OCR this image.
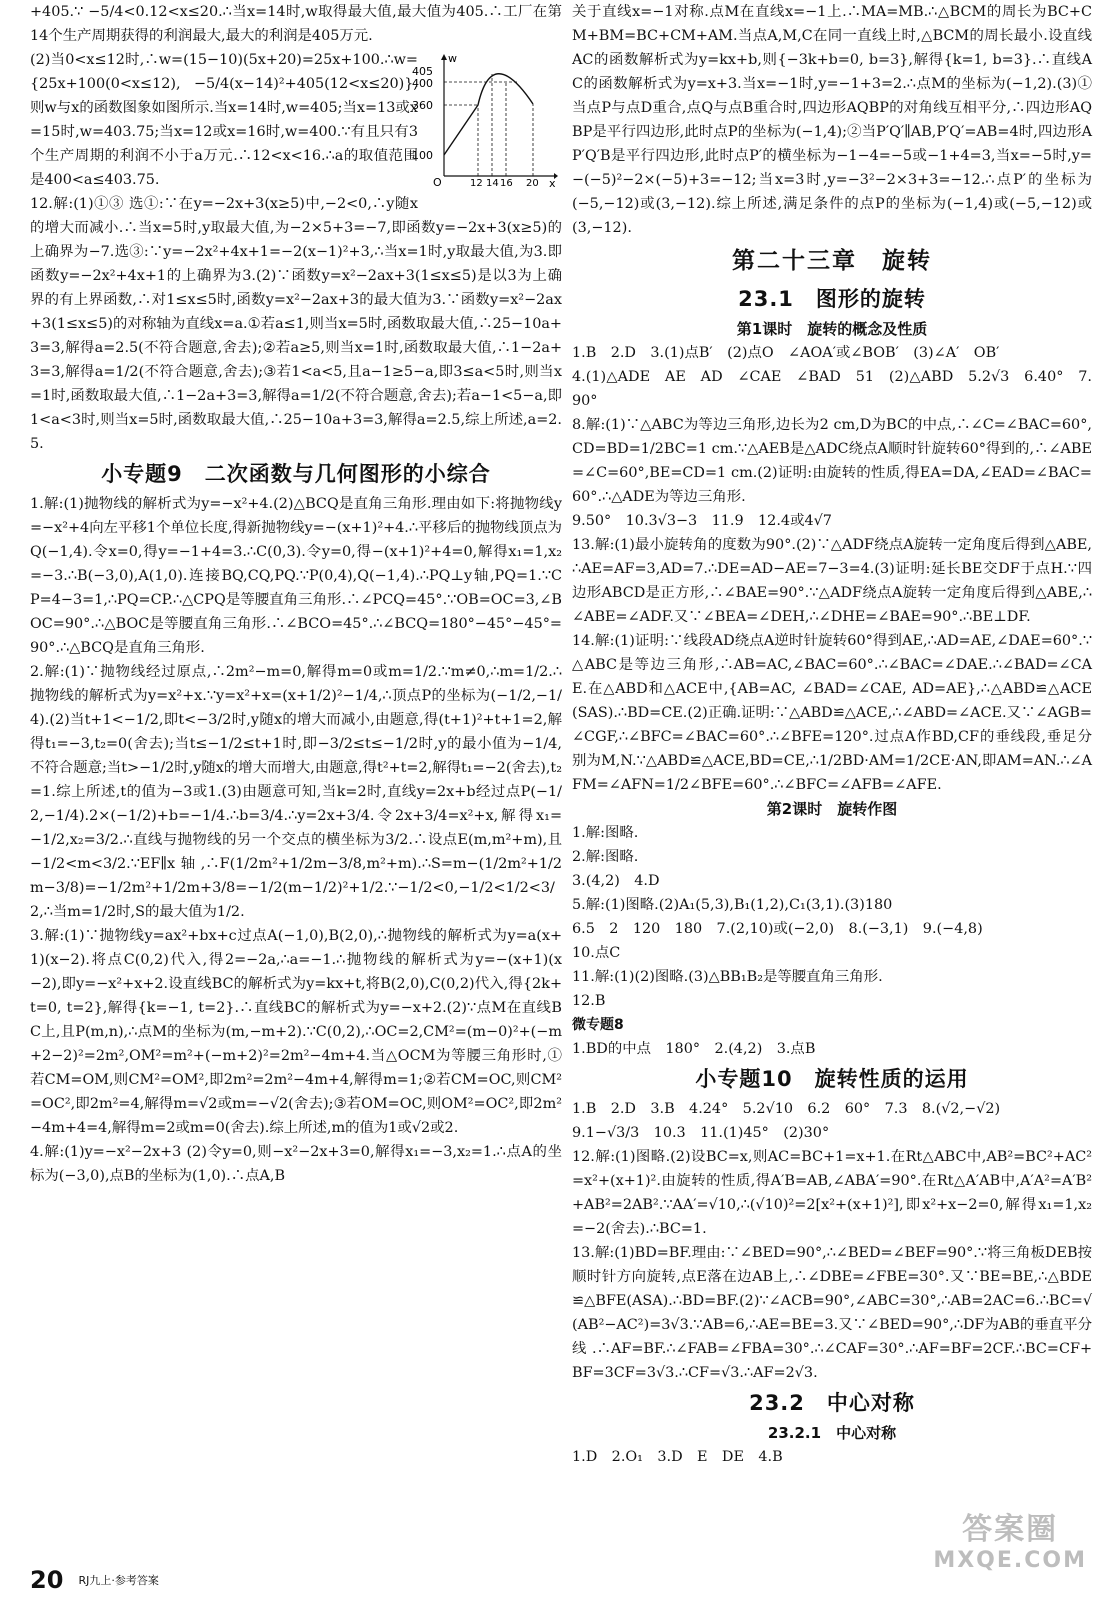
+405.∵ −5/4<0.12<x≤20.∴当x=14时,w取得最大值,最大值为405.∴工厂在第14个生产周期获得的利润最大,最大的利润是405万元.

w
x
O
405
400
360
100
12 14 16 20

(2)当0<x≤12时,∴w=(15−10)(5x+20)=25x+100.∴w={25x+100(0<x≤12), −5/4(x−14)²+405(12<x≤20)},则w与x的函数图象如图所示.当x=14时,w=405;当x=13或x=15时,w=403.75;当x=12或x=16时,w=400.∵有且只有3个生产周期的利润不小于a万元.∴12<x<16.∴a的取值范围是400<a≤403.75.

12.解:(1)①③ 选①:∵在y=−2x+3(x≥5)中,−2<0,∴y随x的增大而减小.∴当x=5时,y取最大值,为−2×5+3=−7,即函数y=−2x+3(x≥5)的上确界为−7.选③:∵y=−2x²+4x+1=−2(x−1)²+3,∴当x=1时,y取最大值,为3.即函数y=−2x²+4x+1的上确界为3.(2)∵函数y=x²−2ax+3(1≤x≤5)是以3为上确界的有上界函数,∴对1≤x≤5时,函数y=x²−2ax+3的最大值为3.∵函数y=x²−2ax+3(1≤x≤5)的对称轴为直线x=a.①若a≤1,则当x=5时,函数取最大值,∴25−10a+3=3,解得a=2.5(不符合题意,舍去);②若a≥5,则当x=1时,函数取最大值,∴1−2a+3=3,解得a=1/2(不符合题意,舍去);③若1<a<5,且a−1≥5−a,即3≤a<5时,则当x=1时,函数取最大值,∴1−2a+3=3,解得a=1/2(不符合题意,舍去);若a−1<5−a,即1<a<3时,则当x=5时,函数取最大值,∴25−10a+3=3,解得a=2.5,综上所述,a=2.5.

小专题9　二次函数与几何图形的小综合

1.解:(1)抛物线的解析式为y=−x²+4.(2)△BCQ是直角三角形.理由如下:将抛物线y=−x²+4向左平移1个单位长度,得新抛物线y=−(x+1)²+4.∴平移后的抛物线顶点为Q(−1,4).令x=0,得y=−1+4=3.∴C(0,3).令y=0,得−(x+1)²+4=0,解得x₁=1,x₂=−3.∴B(−3,0),A(1,0).连接BQ,CQ,PQ.∵P(0,4),Q(−1,4).∴PQ⊥y轴,PQ=1.∵CP=4−3=1,∴PQ=CP.∴△CPQ是等腰直角三角形.∴∠PCQ=45°.∵OB=OC=3,∠BOC=90°.∴△BOC是等腰直角三角形.∴∠BCO=45°.∴∠BCQ=180°−45°−45°=90°.∴△BCQ是直角三角形.

2.解:(1)∵抛物线经过原点,∴2m²−m=0,解得m=0或m=1/2.∵m≠0,∴m=1/2.∴抛物线的解析式为y=x²+x.∵y=x²+x=(x+1/2)²−1/4,∴顶点P的坐标为(−1/2,−1/4).(2)当t+1<−1/2,即t<−3/2时,y随x的增大而减小,由题意,得(t+1)²+t+1=2,解得t₁=−3,t₂=0(舍去);当t≤−1/2≤t+1时,即−3/2≤t≤−1/2时,y的最小值为−1/4,不符合题意;当t>−1/2时,y随x的增大而增大,由题意,得t²+t=2,解得t₁=−2(舍去),t₂=1.综上所述,t的值为−3或1.(3)由题意可知,当k=2时,直线y=2x+b经过点P(−1/2,−1/4).2×(−1/2)+b=−1/4.∴b=3/4.∴y=2x+3/4.令2x+3/4=x²+x,解得x₁=−1/2,x₂=3/2.∴直线与抛物线的另一个交点的横坐标为3/2.∴设点E(m,m²+m),且−1/2<m<3/2.∵EF∥x轴,∴F(1/2m²+1/2m−3/8,m²+m).∴S=m−(1/2m²+1/2m−3/8)=−1/2m²+1/2m+3/8=−1/2(m−1/2)²+1/2.∵−1/2<0,−1/2<1/2<3/2,∴当m=1/2时,S的最大值为1/2.

3.解:(1)∵抛物线y=ax²+bx+c过点A(−1,0),B(2,0),∴抛物线的解析式为y=a(x+1)(x−2).将点C(0,2)代入,得2=−2a,∴a=−1.∴抛物线的解析式为y=−(x+1)(x−2),即y=−x²+x+2.设直线BC的解析式为y=kx+t,将B(2,0),C(0,2)代入,得{2k+t=0, t=2},解得{k=−1, t=2}.∴直线BC的解析式为y=−x+2.(2)∵点M在直线BC上,且P(m,n),∴点M的坐标为(m,−m+2).∵C(0,2),∴OC=2,CM²=(m−0)²+(−m+2−2)²=2m²,OM²=m²+(−m+2)²=2m²−4m+4.当△OCM为等腰三角形时,①若CM=OM,则CM²=OM²,即2m²=2m²−4m+4,解得m=1;②若CM=OC,则CM²=OC²,即2m²=4,解得m=√2或m=−√2(舍去);③若OM=OC,则OM²=OC²,即2m²−4m+4=4,解得m=2或m=0(舍去).综上所述,m的值为1或√2或2.

4.解:(1)y=−x²−2x+3 (2)令y=0,则−x²−2x+3=0,解得x₁=−3,x₂=1.∴点A的坐标为(−3,0),点B的坐标为(1,0).∴点A,B

关于直线x=−1对称.点M在直线x=−1上.∴MA=MB.∴△BCM的周长为BC+CM+BM=BC+CM+AM.当点A,M,C在同一直线上时,△BCM的周长最小.设直线AC的函数解析式为y=kx+b,则{−3k+b=0, b=3},解得{k=1, b=3}.∴直线AC的函数解析式为y=x+3.当x=−1时,y=−1+3=2.∴点M的坐标为(−1,2).(3)①当点P与点D重合,点Q与点B重合时,四边形AQBP的对角线互相平分,∴四边形AQBP是平行四边形,此时点P的坐标为(−1,4);②当P′Q′∥AB,P′Q′=AB=4时,四边形AP′Q′B是平行四边形,此时点P′的横坐标为−1−4=−5或−1+4=3,当x=−5时,y=−(−5)²−2×(−5)+3=−12;当x=3时,y=−3²−2×3+3=−12.∴点P′的坐标为(−5,−12)或(3,−12).综上所述,满足条件的点P的坐标为(−1,4)或(−5,−12)或(3,−12).

第二十三章　旋转
23.1　图形的旋转
第1课时　旋转的概念及性质

1.B　2.D　3.(1)点B′　(2)点O　∠AOA′或∠BOB′　(3)∠A′　OB′

4.(1)△ADE　AE　AD　∠CAE　∠BAD　51　(2)△ABD　5.2√3　6.40°　7.90°

8.解:(1)∵△ABC为等边三角形,边长为2 cm,D为BC的中点,∴∠C=∠BAC=60°,CD=BD=1/2BC=1 cm.∵△AEB是△ADC绕点A顺时针旋转60°得到的,∴∠ABE=∠C=60°,BE=CD=1 cm.(2)证明:由旋转的性质,得EA=DA,∠EAD=∠BAC=60°.∴△ADE为等边三角形.

9.50°　10.3√3−3　11.9　12.4或4√7

13.解:(1)最小旋转角的度数为90°.(2)∵△ADF绕点A旋转一定角度后得到△ABE,∴AE=AF=3,AD=7.∴DE=AD−AE=7−3=4.(3)证明:延长BE交DF于点H.∵四边形ABCD是正方形,∴∠BAE=90°.∵△ADF绕点A旋转一定角度后得到△ABE,∴∠ABE=∠ADF.又∵∠BEA=∠DEH,∴∠DHE=∠BAE=90°.∴BE⊥DF.

14.解:(1)证明:∵线段AD绕点A逆时针旋转60°得到AE,∴AD=AE,∠DAE=60°.∵△ABC是等边三角形,∴AB=AC,∠BAC=60°.∴∠BAC=∠DAE.∴∠BAD=∠CAE.在△ABD和△ACE中,{AB=AC, ∠BAD=∠CAE, AD=AE},∴△ABD≌△ACE(SAS).∴BD=CE.(2)正确.证明:∵△ABD≌△ACE,∴∠ABD=∠ACE.又∵∠AGB=∠CGF,∴∠BFC=∠BAC=60°.∴∠BFE=120°.过点A作BD,CF的垂线段,垂足分别为M,N.∵△ABD≌△ACE,BD=CE,∴1/2BD·AM=1/2CE·AN,即AM=AN.∴∠AFM=∠AFN=1/2∠BFE=60°.∴∠BFC=∠AFB=∠AFE.

第2课时　旋转作图

1.解:图略.

2.解:图略.

3.(4,2)　4.D

5.解:(1)图略.(2)A₁(5,3),B₁(1,2),C₁(3,1).(3)180

6.5　2　120　180　7.(2,10)或(−2,0)　8.(−3,1)　9.(−4,8)

10.点C

11.解:(1)(2)图略.(3)△BB₁B₂是等腰直角三角形.

12.B

微专题8

1.BD的中点　180°　2.(4,2)　3.点B

小专题10　旋转性质的运用

1.B　2.D　3.B　4.24°　5.2√10　6.2　60°　7.3　8.(√2,−√2)

9.1−√3/3　10.3　11.(1)45°　(2)30°

12.解:(1)图略.(2)设BC=x,则AC=BC+1=x+1.在Rt△ABC中,AB²=BC²+AC²=x²+(x+1)².由旋转的性质,得A′B=AB,∠ABA′=90°.在Rt△A′AB中,A′A²=A′B²+AB²=2AB².∵AA′=√10,∴(√10)²=2[x²+(x+1)²],即x²+x−2=0,解得x₁=1,x₂=−2(舍去).∴BC=1.

13.解:(1)BD=BF.理由:∵∠BED=90°,∴∠BED=∠BEF=90°.∵将三角板DEB按顺时针方向旋转,点E落在边AB上,∴∠DBE=∠FBE=30°.又∵BE=BE,∴△BDE≌△BFE(ASA).∴BD=BF.(2)∵∠ACB=90°,∠ABC=30°,∴AB=2AC=6.∴BC=√(AB²−AC²)=3√3.∵AB=6,∴AE=BE=3.又∵∠BED=90°,∴DF为AB的垂直平分线.∴AF=BF.∴∠FAB=∠FBA=30°.∴∠CAF=30°.∴AF=BF=2CF.∴BC=CF+BF=3CF=3√3.∴CF=√3.∴AF=2√3.

23.2　中心对称
23.2.1　中心对称

1.D　2.O₁　3.D　E　DE　4.B

20 RJ九上·参考答案
答案圈
MXQE.COM
